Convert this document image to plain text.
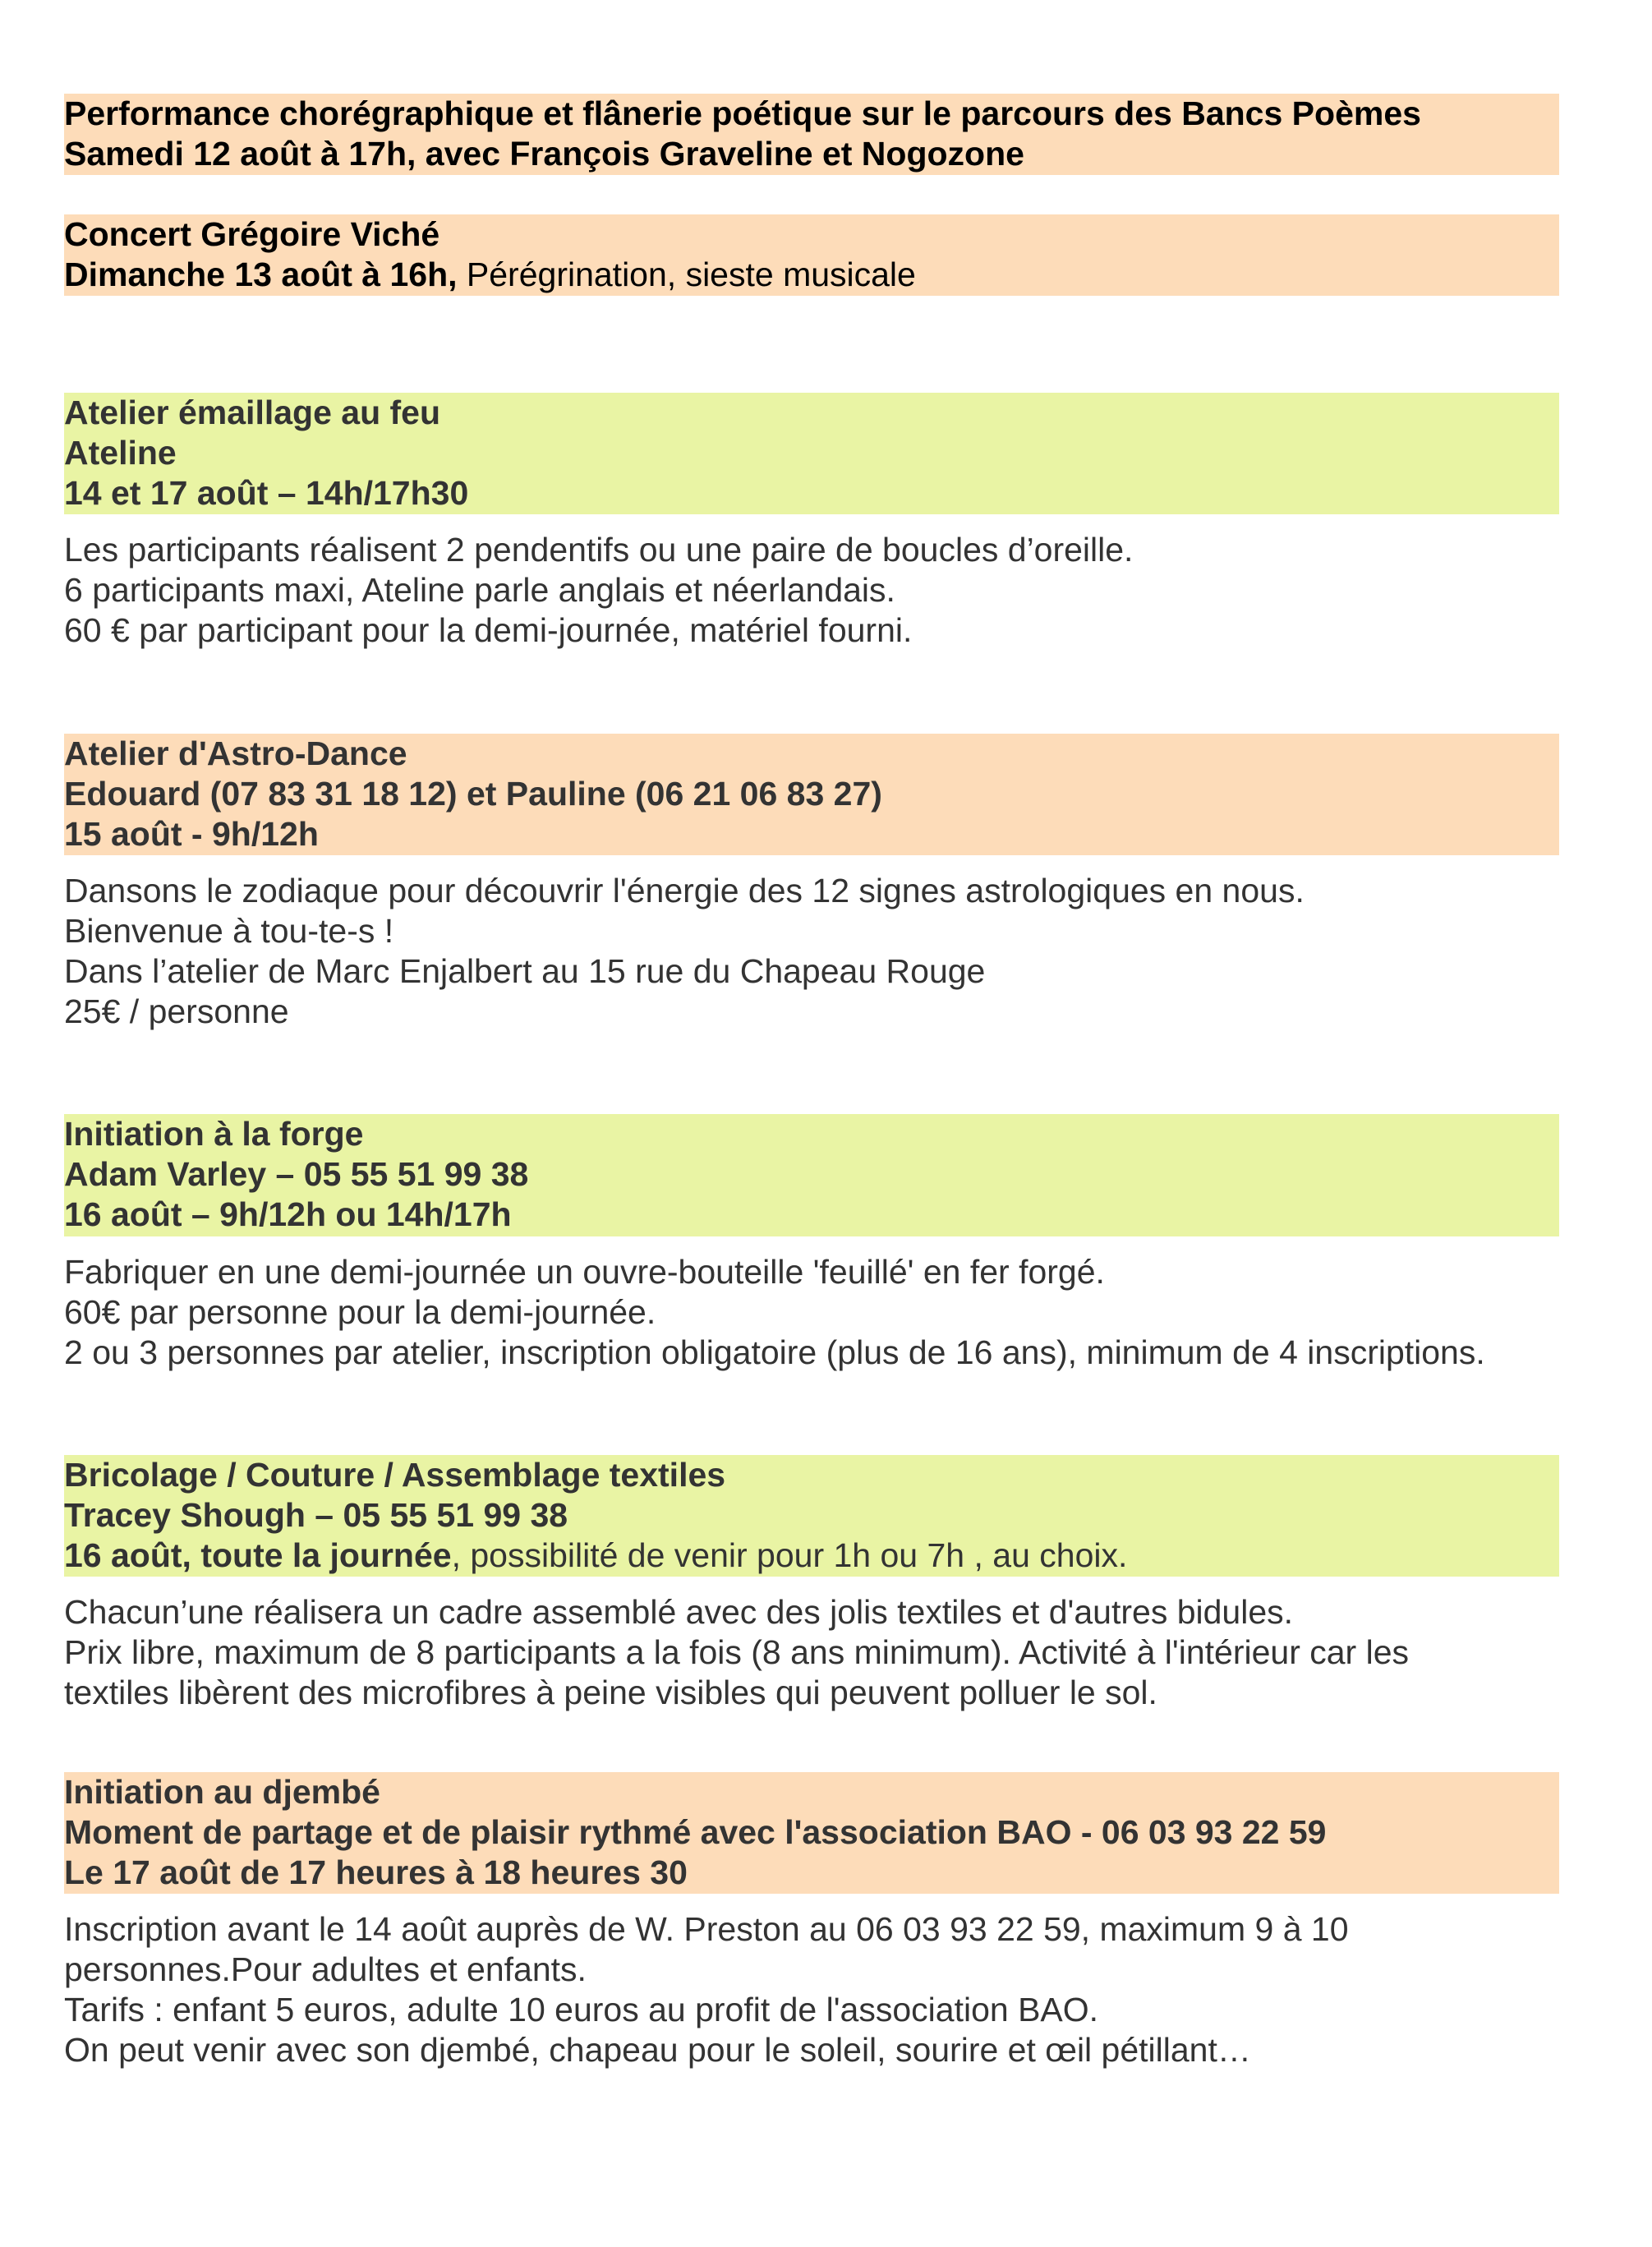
Performance chorégraphique et flânerie poétique sur le parcours des Bancs Poèmes
Samedi 12 août à 17h, avec François Graveline et Nogozone
Concert Grégoire Viché
Dimanche 13 août à 16h, Pérégrination, sieste musicale
Atelier émaillage au feu
Ateline
14 et 17 août – 14h/17h30
Les participants réalisent 2 pendentifs ou une paire de boucles d’oreille.
6 participants maxi, Ateline parle anglais et néerlandais.
60 € par participant pour la demi-journée, matériel fourni.
Atelier d'Astro-Dance
Edouard (07 83 31 18 12) et Pauline (06 21 06 83 27)
15 août - 9h/12h
Dansons le zodiaque pour découvrir l'énergie des 12 signes astrologiques en nous.
Bienvenue à tou-te-s !
Dans l’atelier de Marc Enjalbert au 15 rue du Chapeau Rouge
25€ / personne
Initiation à la forge
Adam Varley – 05 55 51 99 38
16 août – 9h/12h ou 14h/17h
Fabriquer en une demi-journée un ouvre-bouteille 'feuillé' en fer forgé.
60€ par personne pour la demi-journée.
2 ou 3 personnes par atelier, inscription obligatoire (plus de 16 ans), minimum de 4 inscriptions.
Bricolage / Couture / Assemblage textiles
Tracey Shough – 05 55 51 99 38
16 août, toute la journée, possibilité de venir pour 1h ou 7h , au choix.
Chacun’une réalisera un cadre assemblé avec des jolis textiles et d'autres bidules.
Prix libre, maximum de 8 participants a la fois (8 ans minimum). Activité à l'intérieur car les
textiles libèrent des microfibres à peine visibles qui peuvent polluer le sol.
Initiation au djembé
Moment de partage et de plaisir rythmé avec l'association BAO - 06 03 93 22 59
Le 17 août de 17 heures à 18 heures 30
Inscription avant le 14 août auprès de W. Preston au 06 03 93 22 59, maximum 9 à 10
personnes.Pour adultes et enfants.
Tarifs : enfant 5 euros, adulte 10 euros au profit de l'association BAO.
On peut venir avec son djembé, chapeau pour le soleil, sourire et œil pétillant…
